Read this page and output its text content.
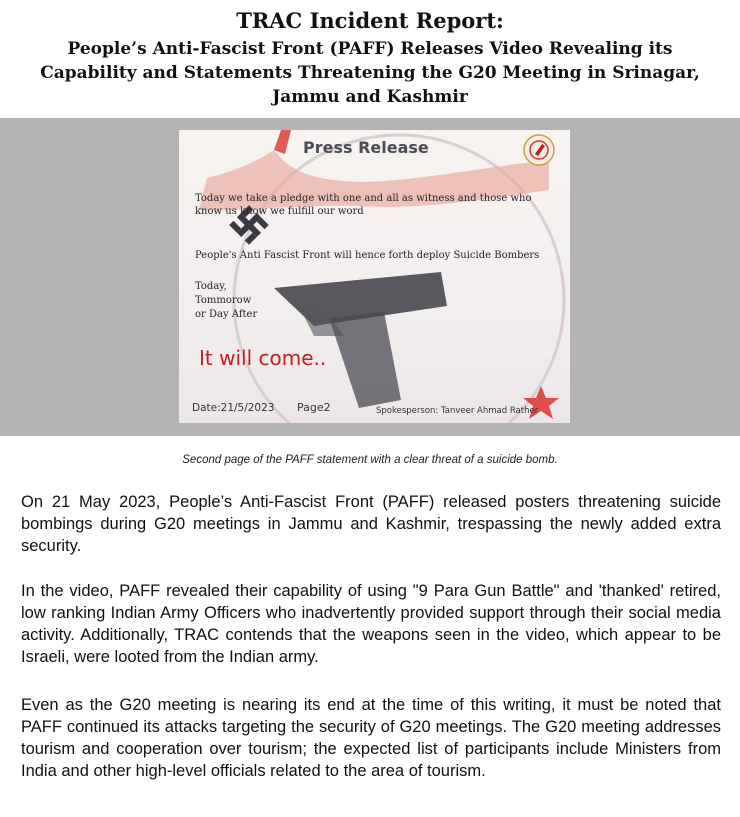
TRAC Incident Report:
People’s Anti-Fascist Front (PAFF) Releases Video Revealing its Capability and Statements Threatening the G20 Meeting in Srinagar, Jammu and Kashmir
Press Release
Today we take a pledge with one and all as witness and those who know us know we fulfill our word
People's Anti Fascist Front will hence forth deploy Suicide Bombers
Today,
Tommorow
or Day After
It will come..
Date:21/5/2023 Page2	Spokesperson: Tanveer Ahmad Rather
Second page of the PAFF statement with a clear threat of a suicide bomb.
On 21 May 2023, People’s Anti-Fascist Front (PAFF) released posters threatening suicide bombings during G20 meetings in Jammu and Kashmir, trespassing the newly added extra security.
In the video, PAFF revealed their capability of using "9 Para Gun Battle" and 'thanked' retired, low ranking Indian Army Officers who inadvertently provided support through their social media activity. Additionally, TRAC contends that the weapons seen in the video, which appear to be Israeli, were looted from the Indian army.
Even as the G20 meeting is nearing its end at the time of this writing, it must be noted that PAFF continued its attacks targeting the security of G20 meetings. The G20 meeting addresses tourism and cooperation over tourism; the expected list of participants include Ministers from India and other high-level officials related to the area of tourism.
